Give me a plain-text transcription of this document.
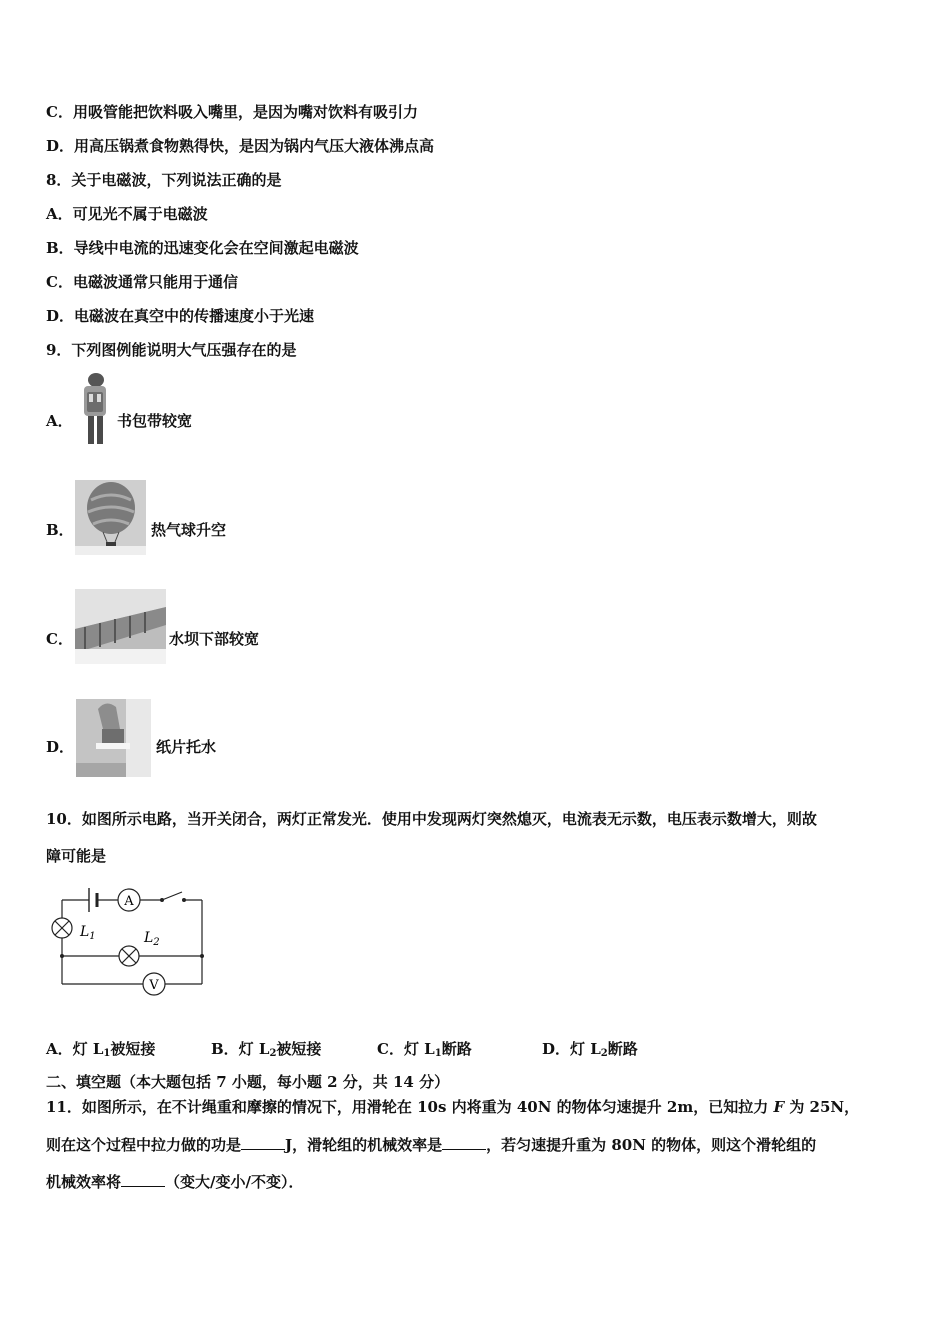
C．用吸管能把饮料吸入嘴里，是因为嘴对饮料有吸引力
D．用高压锅煮食物熟得快，是因为锅内气压大液体沸点高
8．关于电磁波，下列说法正确的是
A．可见光不属于电磁波
B．导线中电流的迅速变化会在空间激起电磁波
C．电磁波通常只能用于通信
D．电磁波在真空中的传播速度小于光速
9．下列图例能说明大气压强存在的是
A．	书包带较宽
B．	热气球升空
C．	水坝下部较宽
D．	纸片托水
10．如图所示电路，当开关闭合，两灯正常发光．使用中发现两灯突然熄灭，电流表无示数，电压表示数增大，则故
障可能是
A
V
$L_1$	$L_2$
A．灯 $L_1$被短接	B．灯 $L_2$被短接	C．灯 $L_1$断路	D．灯 $L_2$断路
二、填空题（本大题包括 7 小题，每小题 2 分，共 14 分）
11．如图所示，在不计绳重和摩擦的情况下，用滑轮在 10s 内将重为 40N 的物体匀速提升 2m，已知拉力 F 为 25N，
则在这个过程中拉力做的功是	J，滑轮组的机械效率是	，若匀速提升重为 80N 的物体，则这个滑轮组的
机械效率将	（变大/变小/不变）．
